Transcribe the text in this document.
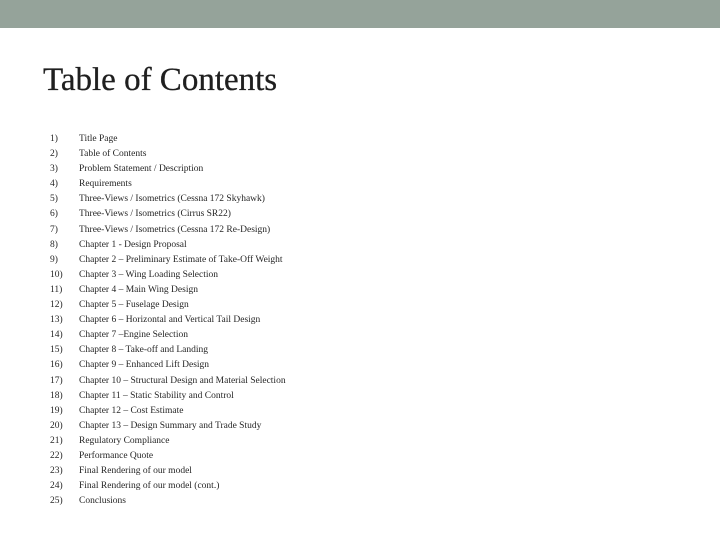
Table of Contents
1)	Title Page
2)	Table of Contents
3)	Problem Statement / Description
4)	Requirements
5)	Three-Views / Isometrics (Cessna 172 Skyhawk)
6)	Three-Views / Isometrics (Cirrus SR22)
7)	Three-Views / Isometrics (Cessna 172 Re-Design)
8)	Chapter 1 - Design Proposal
9)	Chapter 2 – Preliminary Estimate of Take-Off Weight
10)	Chapter 3 – Wing Loading Selection
11)	Chapter 4 – Main Wing Design
12)	Chapter 5 – Fuselage Design
13)	Chapter 6 – Horizontal and Vertical Tail Design
14)	Chapter 7 –Engine Selection
15)	Chapter 8 – Take-off and Landing
16)	Chapter 9 – Enhanced Lift Design
17)	Chapter 10 – Structural Design and Material Selection
18)	Chapter 11 – Static Stability and Control
19)	Chapter 12 – Cost Estimate
20)	Chapter 13 – Design Summary and Trade Study
21)	Regulatory Compliance
22)	Performance Quote
23)	Final Rendering of our model
24)	Final Rendering of our model (cont.)
25)	Conclusions
